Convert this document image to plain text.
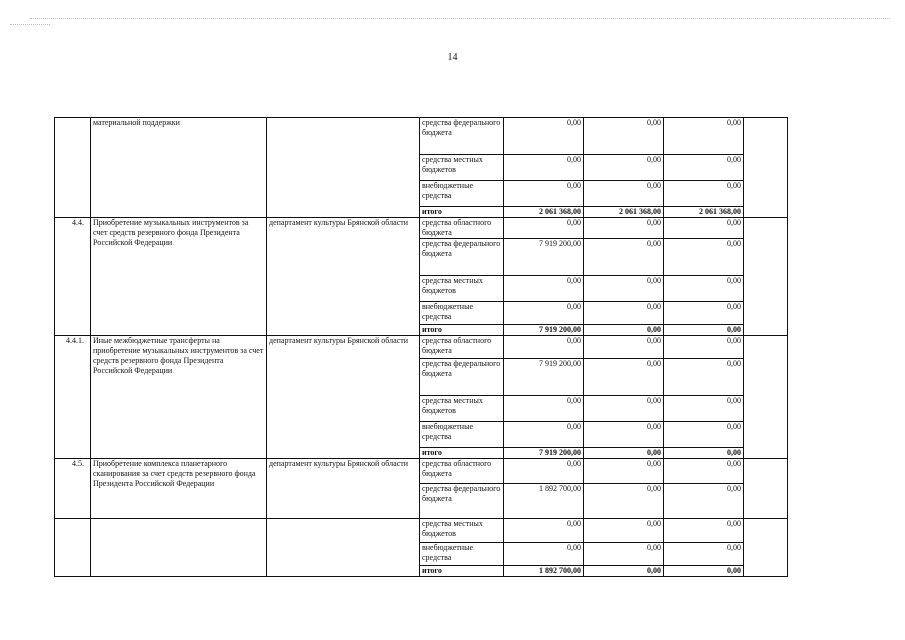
14
	материальной поддержки		средства федерального бюджета	0,00	0,00	0,00	
			средства местных бюджетов	0,00	0,00	0,00	
			внебюджетные средства	0,00	0,00	0,00	
			итого	2 061 368,00	2 061 368,00	2 061 368,00	
4.4.	Приобретение музыкальных инструментов за счет средств резервного фонда Президента Российской Федерации	департамент культуры Брянской области	средства областного бюджета	0,00	0,00	0,00	
			средства федерального бюджета	7 919 200,00	0,00	0,00	
			средства местных бюджетов	0,00	0,00	0,00	
			внебюджетные средства	0,00	0,00	0,00	
			итого	7 919 200,00	0,00	0,00	
4.4.1.	Иные межбюджетные трансферты на приобретение музыкальных инструментов за счет средств резервного фонда Президента Российской Федерации	департамент культуры Брянской области	средства областного бюджета	0,00	0,00	0,00	
			средства федерального бюджета	7 919 200,00	0,00	0,00	
			средства местных бюджетов	0,00	0,00	0,00	
			внебюджетные средства	0,00	0,00	0,00	
			итого	7 919 200,00	0,00	0,00	
4.5.	Приобретение комплекса планетарного сканирования за счет средств резервного фонда Президента Российской Федерации	департамент культуры Брянской области	средства областного бюджета	0,00	0,00	0,00	
			средства федерального бюджета	1 892 700,00	0,00	0,00	
			средства местных бюджетов	0,00	0,00	0,00	
			внебюджетные средства	0,00	0,00	0,00	
			итого	1 892 700,00	0,00	0,00	
